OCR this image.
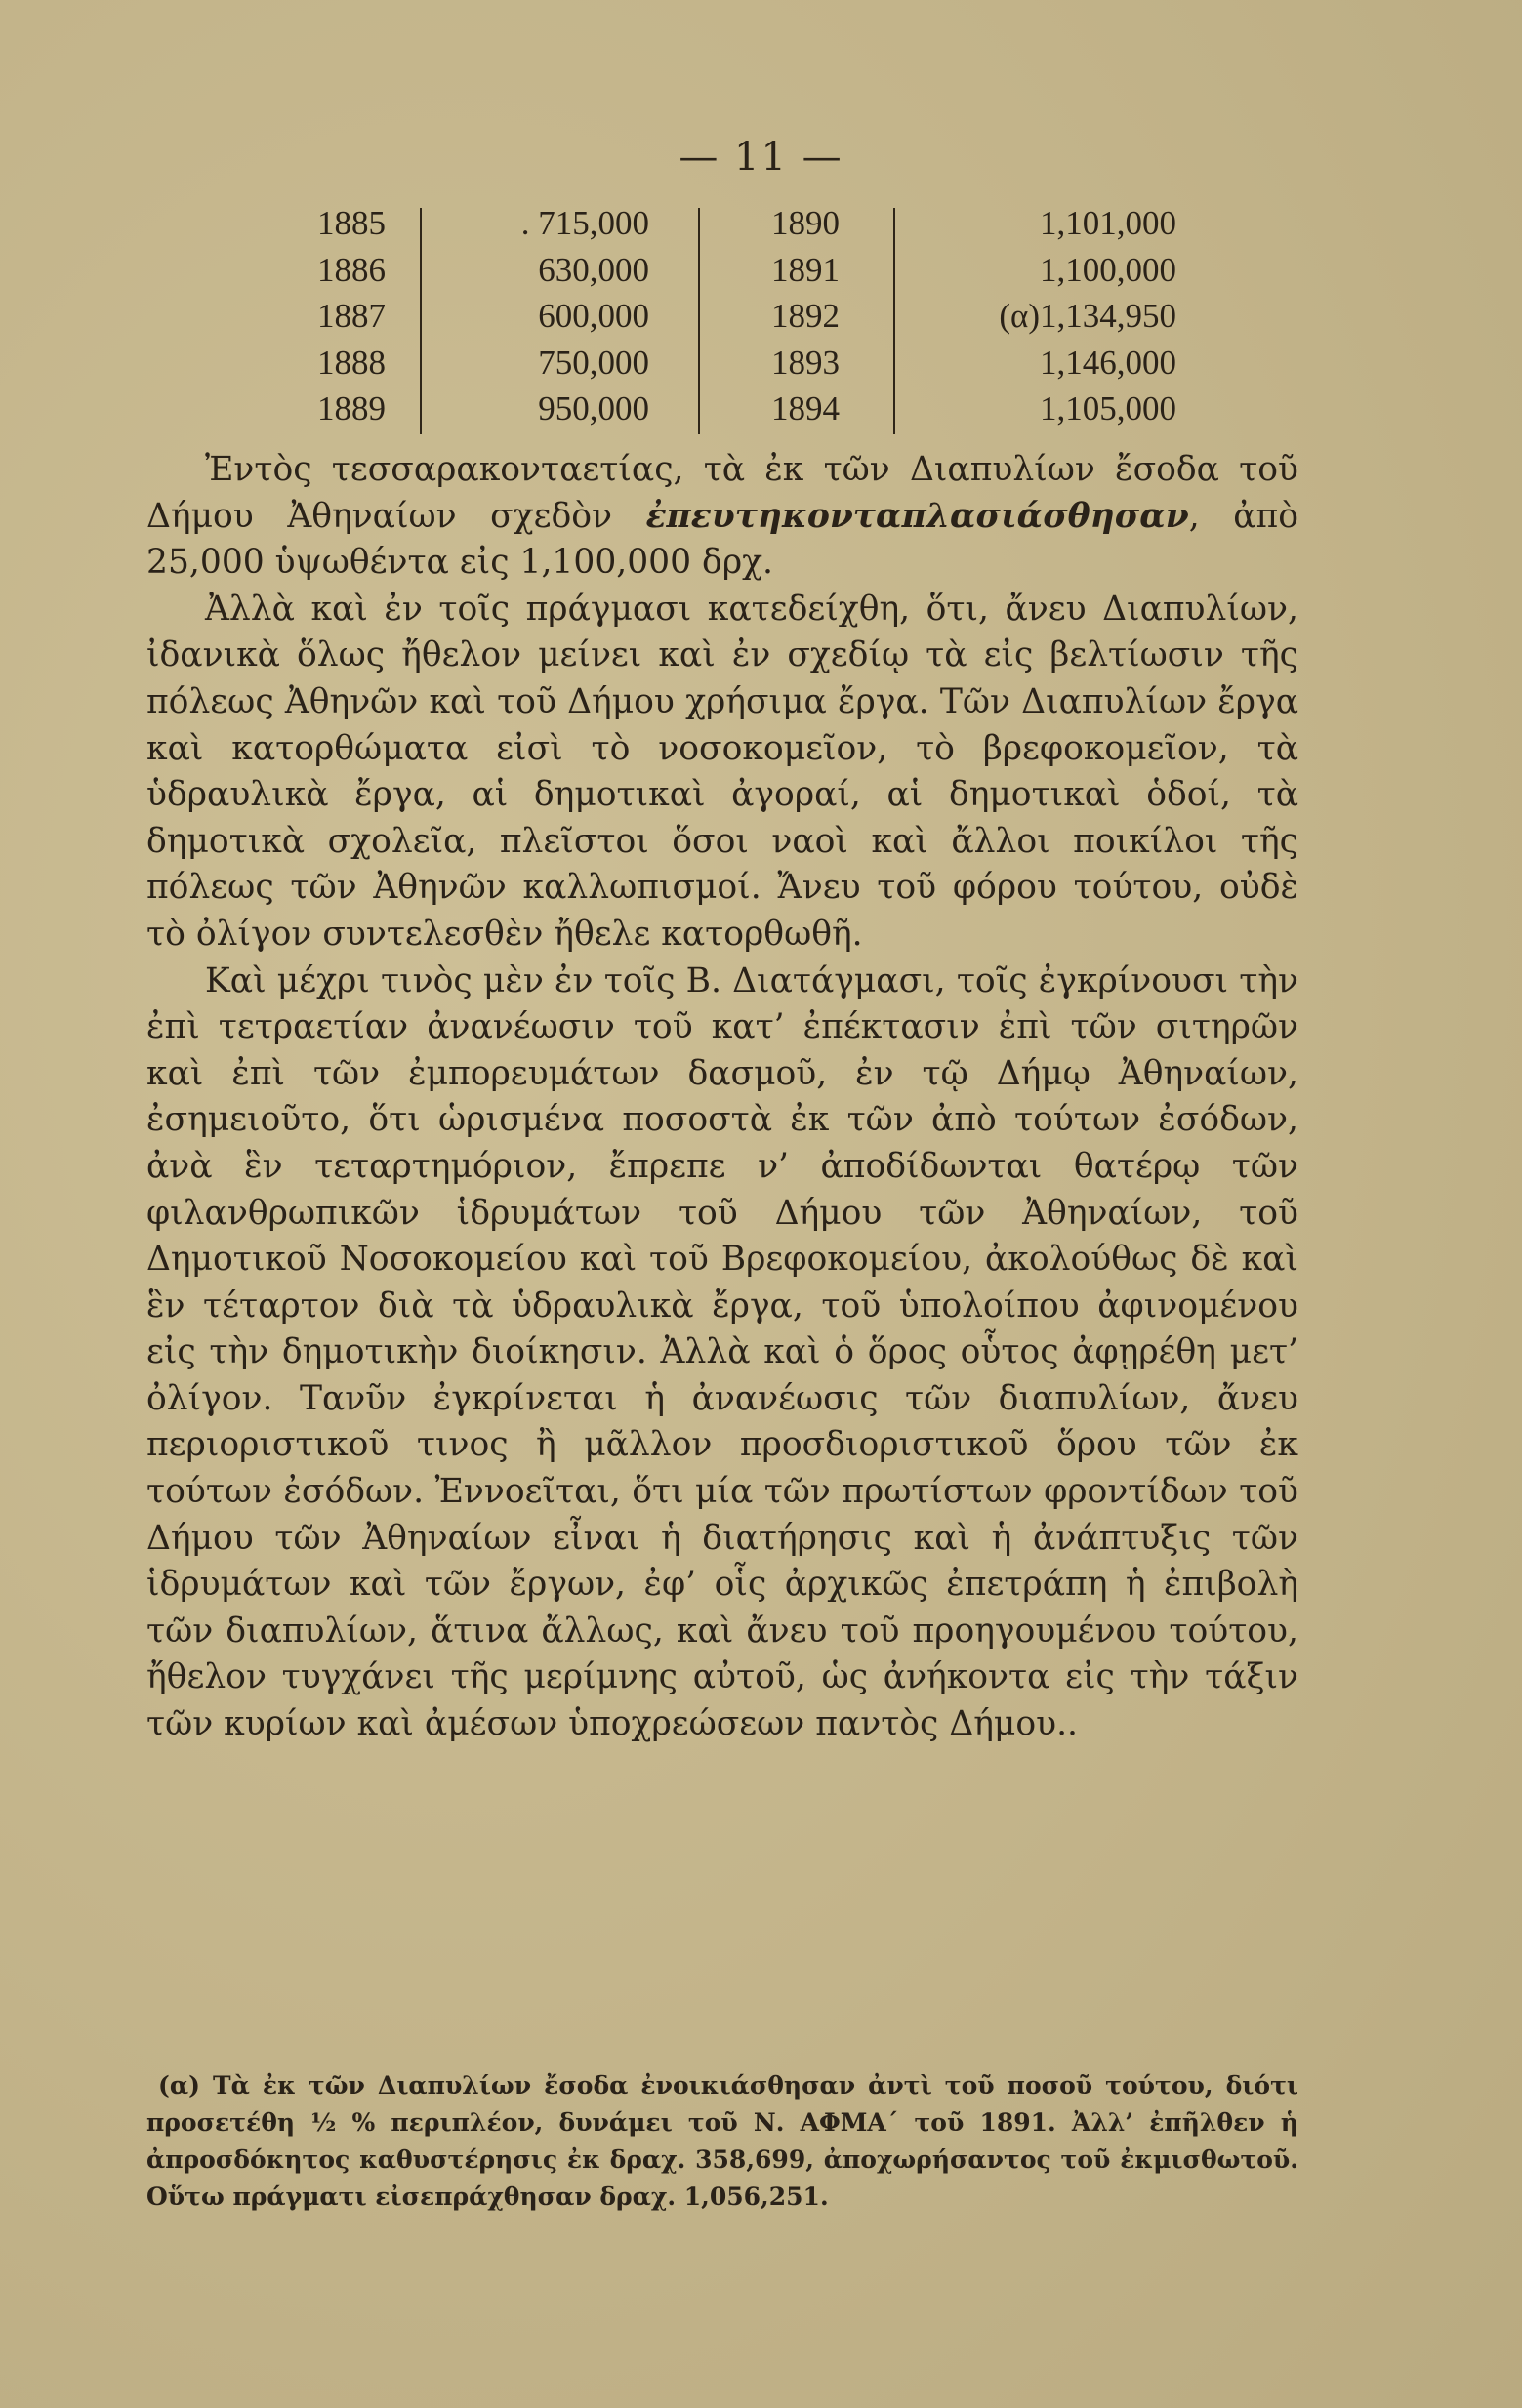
— 11 —
1885
1886
1887
1888
1889
. 715,000
630,000
600,000
750,000
950,000
1890
1891
1892
1893
1894
1,101,000
1,100,000
(α)1,134,950
1,146,000
1,105,000

Ἐντὸς τεσσαρακονταετίας, τὰ ἐκ τῶν Διαπυλίων ἔσοδα τοῦ Δήμου Ἀθηναίων σχεδὸν ἐπευτηκονταπλασιάσθησαν, ἀπὸ 25,000 ὑψωθέντα εἰς 1,100,000 δρχ.

Ἀλλὰ καὶ ἐν τοῖς πράγμασι κατεδείχθη, ὅτι, ἄνευ Διαπυλίων, ἰδανικὰ ὅλως ἤθελον μείνει καὶ ἐν σχεδίῳ τὰ εἰς βελτίωσιν τῆς πόλεως Ἀθηνῶν καὶ τοῦ Δήμου χρήσιμα ἔργα. Τῶν Διαπυλίων ἔργα καὶ κατορθώματα εἰσὶ τὸ νοσοκομεῖον, τὸ βρεφοκομεῖον, τὰ ὑδραυλικὰ ἔργα, αἱ δημοτικαὶ ἀγοραί, αἱ δημοτικαὶ ὁδοί, τὰ δημοτικὰ σχολεῖα, πλεῖστοι ὅσοι ναοὶ καὶ ἄλλοι ποικίλοι τῆς πόλεως τῶν Ἀθηνῶν καλλωπισμοί. Ἄνευ τοῦ φόρου τούτου, οὐδὲ τὸ ὀλίγον συντελεσθὲν ἤθελε κατορθωθῆ.

Καὶ μέχρι τινὸς μὲν ἐν τοῖς Β. Διατάγμασι, τοῖς ἐγκρίνουσι τὴν ἐπὶ τετραετίαν ἀνανέωσιν τοῦ κατ’ ἐπέκτασιν ἐπὶ τῶν σιτηρῶν καὶ ἐπὶ τῶν ἐμπορευμάτων δασμοῦ, ἐν τῷ Δήμῳ Ἀθηναίων, ἐσημειοῦτο, ὅτι ὡρισμένα ποσοστὰ ἐκ τῶν ἀπὸ τούτων ἐσόδων, ἀνὰ ἓν τεταρτημόριον, ἔπρεπε ν’ ἀποδίδωνται θατέρῳ τῶν φιλανθρωπικῶν ἱδρυμάτων τοῦ Δήμου τῶν Ἀθηναίων, τοῦ Δημοτικοῦ Νοσοκομείου καὶ τοῦ Βρεφοκομείου, ἀκολούθως δὲ καὶ ἓν τέταρτον διὰ τὰ ὑδραυλικὰ ἔργα, τοῦ ὑπολοίπου ἀφινομένου εἰς τὴν δημοτικὴν διοίκησιν. Ἀλλὰ καὶ ὁ ὅρος οὗτος ἀφῃρέθη μετ’ ὀλίγον. Τανῦν ἐγκρίνεται ἡ ἀνανέωσις τῶν διαπυλίων, ἄνευ περιοριστικοῦ τινος ἢ μᾶλλον προσδιοριστικοῦ ὅρου τῶν ἐκ τούτων ἐσόδων. Ἐννοεῖται, ὅτι μία τῶν πρωτίστων φροντίδων τοῦ Δήμου τῶν Ἀθηναίων εἶναι ἡ διατήρησις καὶ ἡ ἀνάπτυξις τῶν ἱδρυμάτων καὶ τῶν ἔργων, ἐφ’ οἷς ἀρχικῶς ἐπετράπη ἡ ἐπιβολὴ τῶν διαπυλίων, ἅτινα ἄλλως, καὶ ἄνευ τοῦ προηγουμένου τούτου, ἤθελον τυγχάνει τῆς μερίμνης αὐτοῦ, ὡς ἀνήκοντα εἰς τὴν τάξιν τῶν κυρίων καὶ ἀμέσων ὑποχρεώσεων παντὸς Δήμου..

(α) Τὰ ἐκ τῶν Διαπυλίων ἔσοδα ἐνοικιάσθησαν ἀντὶ τοῦ ποσοῦ τούτου, διότι προσετέθη ½ % περιπλέον, δυνάμει τοῦ Ν. ΑΦΜΑ΄ τοῦ 1891. Ἀλλ’ ἐπῆλθεν ἡ ἀπροσδόκητος καθυστέρησις ἐκ δραχ. 358,699, ἀποχωρήσαντος τοῦ ἐκμισθωτοῦ. Οὕτω πράγματι εἰσεπράχθησαν δραχ. 1,056,251.
